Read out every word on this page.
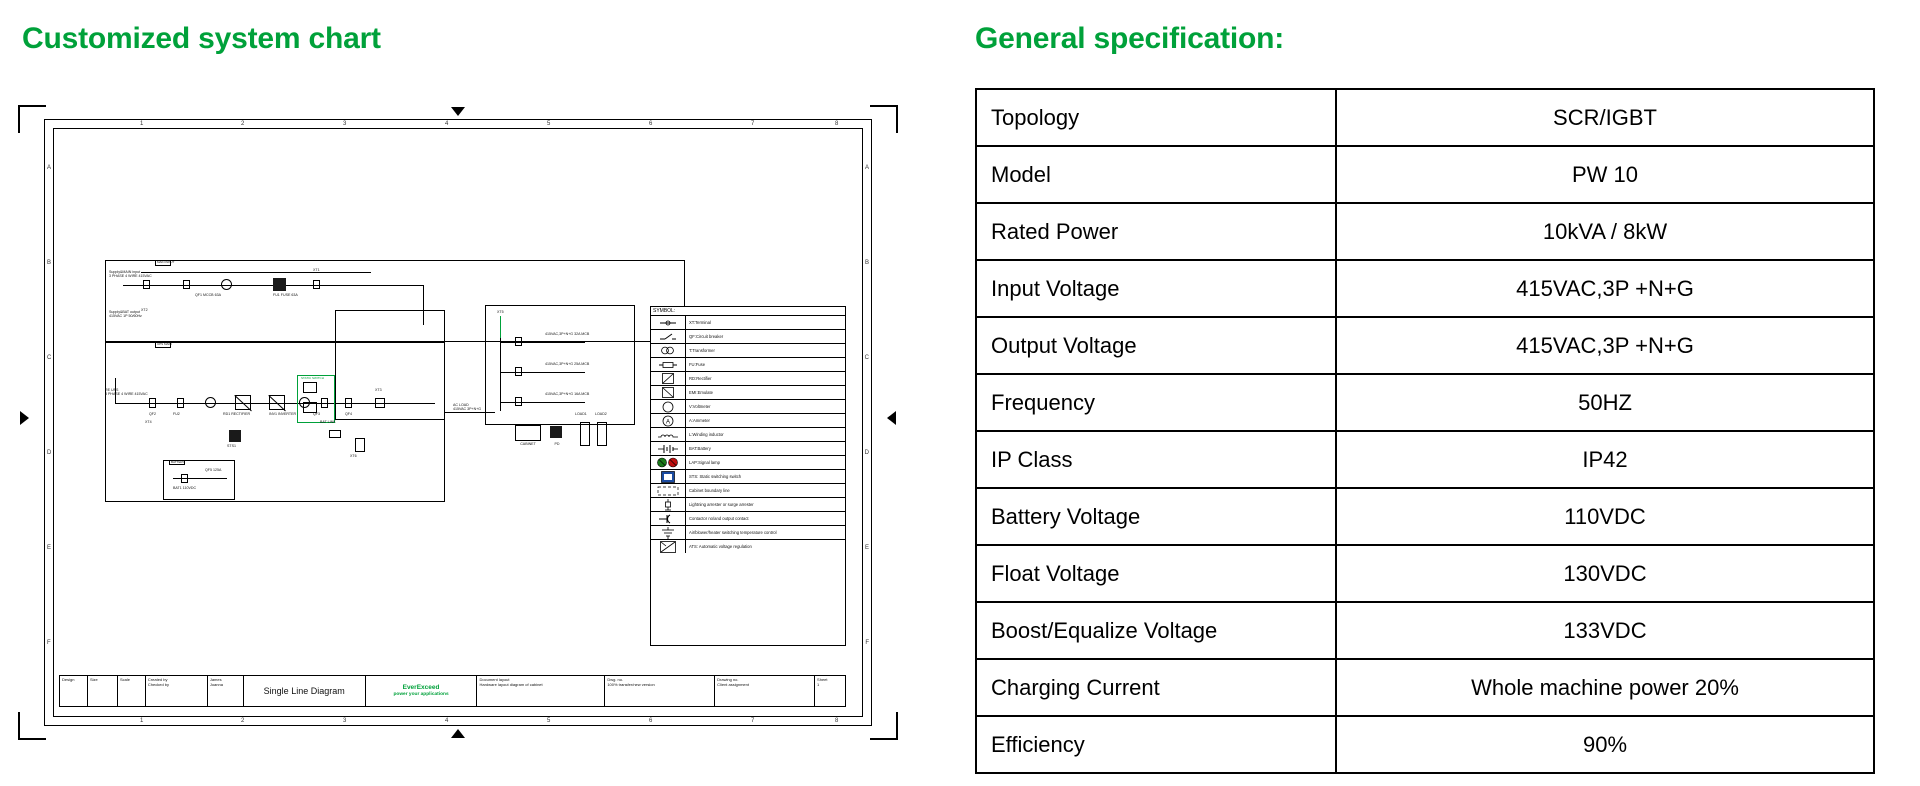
Customized system chart
1	2	3	4	5	6	7	8
1	2	3	4	5	6	7	8
A
B
C
D
E
F
A
B
C
D
E
F
MAIN INPUT
Supply&MAIN input
3 PHASE 4 WIRE 415VAC
Supply&BAT output
415VAC 1P 50/60Hz
QF1 MCCB 63A	FU1 FUSE 63A
XT1
XT2
UPS MAIN
RE UPS
3 PHASE 4 WIRE 415VAC
QF2	FU2	RD1 RECTIFIER	INV1 INVERTER	QF3	QF4
XT3
XT4
STATIC SWITCH
STS1
BAT LINK
BATTERY
BAT1 110VDC
QF5 125A
415VAC,3P+N+G 32A MCB
415VAC,3P+N+G 25A MCB
415VAC,3P+N+G 16A MCB
XT5
AC LOAD
415VAC 3P+N+G
CABINET	PD
LOAD1 LOAD2
XT6
SYMBOL:
XT:Terminal
QF:Circuit breaker
T:Transformer
FU:Fuse
RD:Rectifier
EMI:Emulate
V:Voltmeter
A	A:Ammeter
L:Winding inductor
BAT:Battery
LAP:Signal lamp
STS: Static switching switch
Cabinet boundary line
Lightning arrester or surge arrester
Contactor no/and output contact
Air/blower/heater switching temperature control
ATS: Automatic voltage regulation
Design	Size	Scale	Created by
Checked by
James
Joanna
Single Line Diagram	EverExceed
power your applications
Document layout
Hardware layout diagram of cabinet
Dwg. no.
100% transfer/new version
Drawing no.
Client assignment
Sheet
1
General specification:
Topology	SCR/IGBT
Model	PW 10
Rated Power	10kVA / 8kW
Input Voltage	415VAC,3P +N+G
Output Voltage	415VAC,3P +N+G
Frequency	50HZ
IP Class	IP42
Battery Voltage	110VDC
Float Voltage	130VDC
Boost/Equalize Voltage	133VDC
Charging Current	Whole machine power 20%
Efficiency	90%
